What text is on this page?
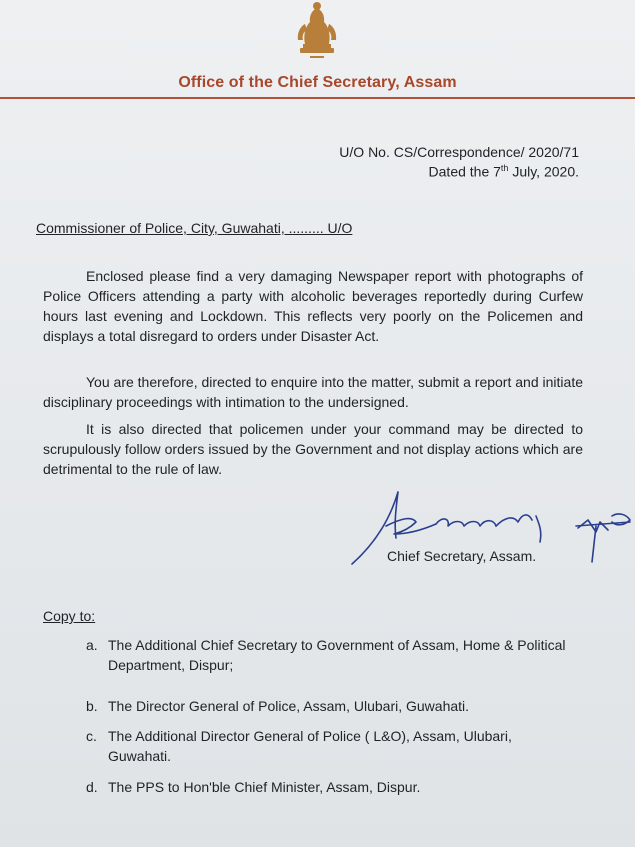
Office of the Chief Secretary, Assam
U/O No. CS/Correspondence/ 2020/71
Dated the 7th July, 2020.
Commissioner of Police, City, Guwahati, ......... U/O

Enclosed please find a very damaging Newspaper report with photographs of Police Officers attending a party with alcoholic beverages reportedly during Curfew hours last evening and Lockdown. This reflects very poorly on the Policemen and displays a total disregard to orders under Disaster Act.

You are therefore, directed to enquire into the matter, submit a report and initiate disciplinary proceedings with intimation to the undersigned.

It is also directed that policemen under your command may be directed to scrupulously follow orders issued by the Government and not display actions which are detrimental to the rule of law.

Chief Secretary, Assam.
Copy to:
a. The Additional Chief Secretary to Government of Assam, Home & Political Department, Dispur;
b. The Director General of Police, Assam, Ulubari, Guwahati.
c. The Additional Director General of Police ( L&O), Assam, Ulubari, Guwahati.
d. The PPS to Hon'ble Chief Minister, Assam, Dispur.
